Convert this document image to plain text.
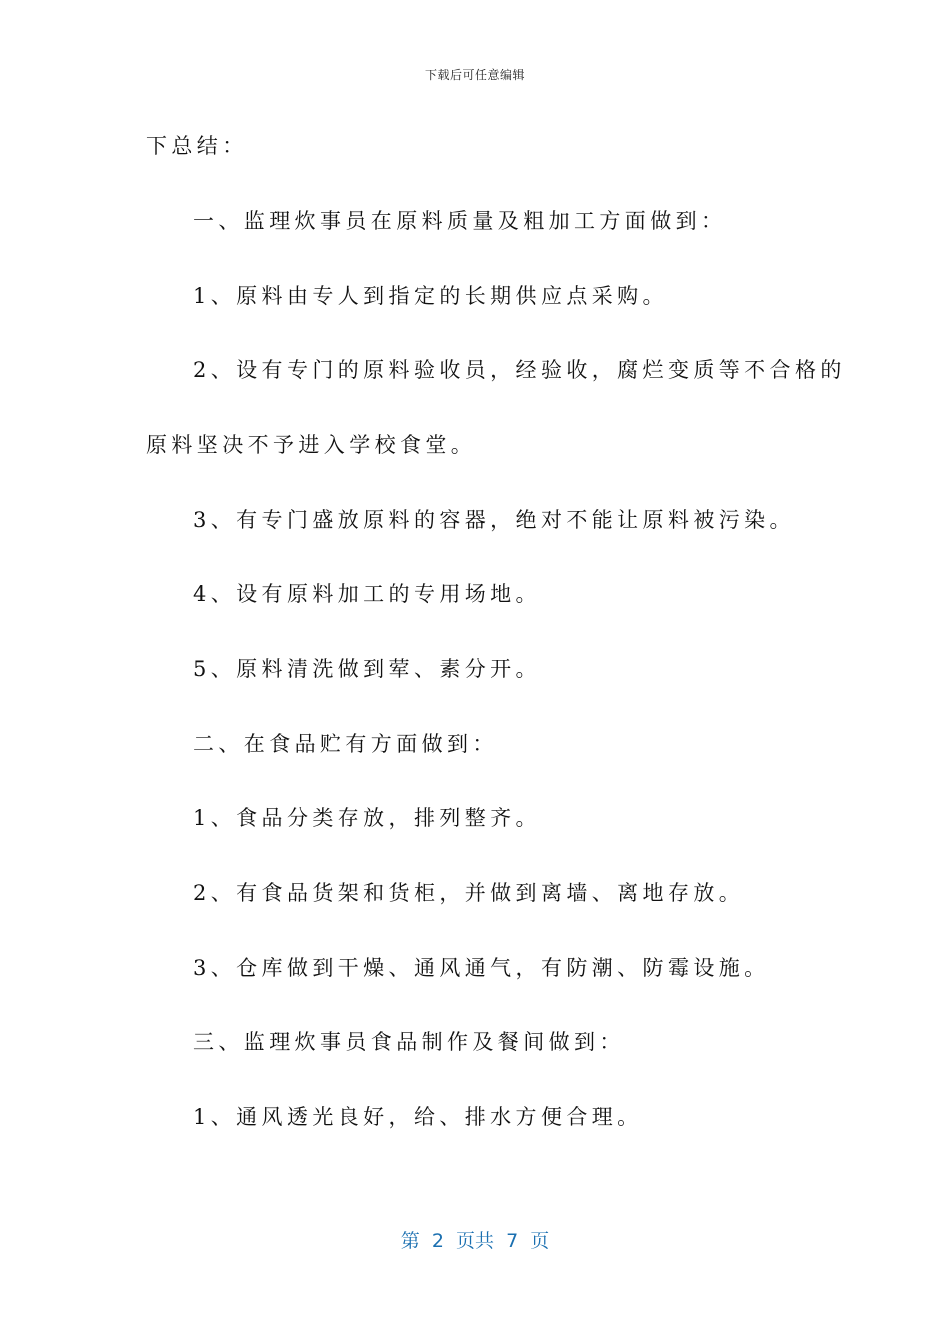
下载后可任意编辑
下总结：
一、监理炊事员在原料质量及粗加工方面做到：
1、原料由专人到指定的长期供应点采购。
2、设有专门的原料验收员，经验收，腐烂变质等不合格的
原料坚决不予进入学校食堂。
3、有专门盛放原料的容器，绝对不能让原料被污染。
4、设有原料加工的专用场地。
5、原料清洗做到荤、素分开。
二、在食品贮有方面做到：
1、食品分类存放，排列整齐。
2、有食品货架和货柜，并做到离墙、离地存放。
3、仓库做到干燥、通风通气，有防潮、防霉设施。
三、监理炊事员食品制作及餐间做到：
1、通风透光良好，给、排水方便合理。
第  2  页共  7  页
